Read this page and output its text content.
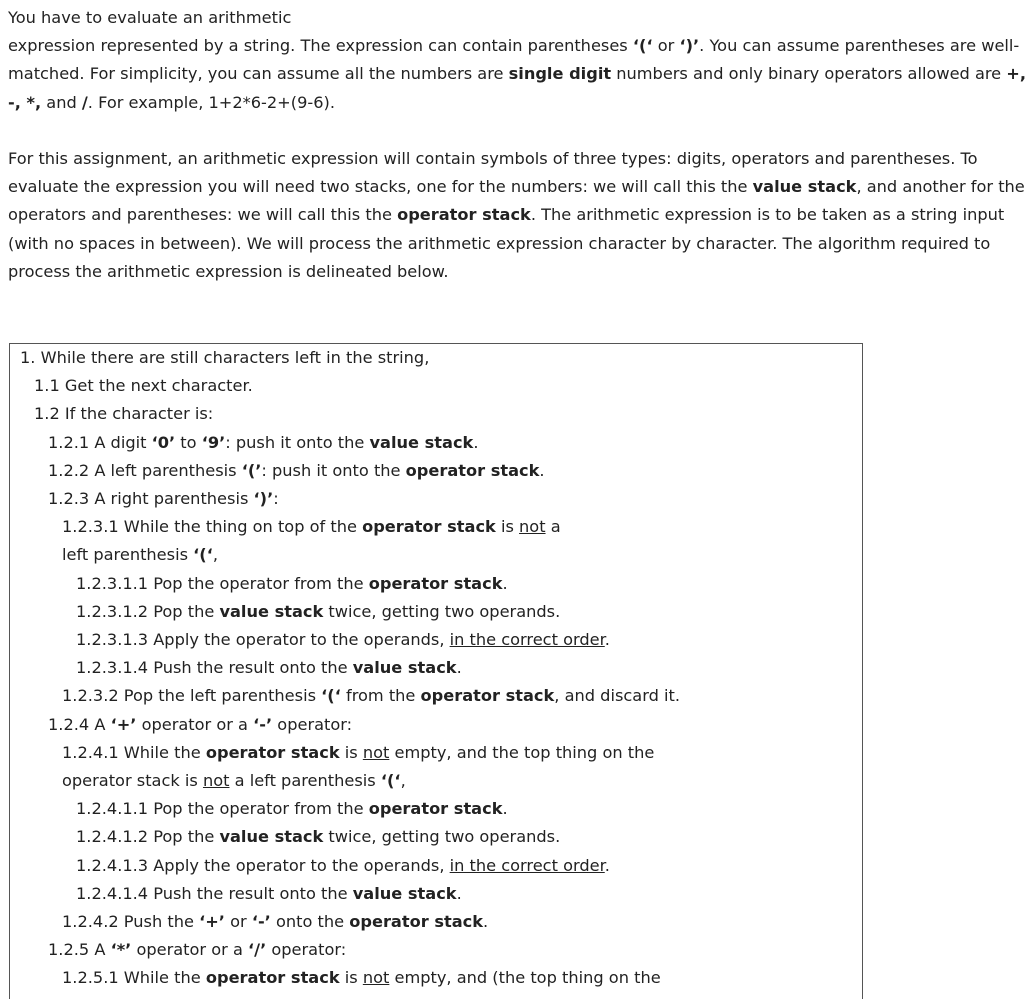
You have to evaluate an arithmetic
expression represented by a string. The expression can contain parentheses ‘(‘ or ‘)’. You can assume parentheses are well-
matched. For simplicity, you can assume all the numbers are single digit numbers and only binary operators allowed are +,
-, *, and /. For example, 1+2*6-2+(9-6).
For this assignment, an arithmetic expression will contain symbols of three types: digits, operators and parentheses. To
evaluate the expression you will need two stacks, one for the numbers: we will call this the value stack, and another for the
operators and parentheses: we will call this the operator stack. The arithmetic expression is to be taken as a string input
(with no spaces in between). We will process the arithmetic expression character by character. The algorithm required to
process the arithmetic expression is delineated below.
1. While there are still characters left in the string,
1.1 Get the next character.
1.2 If the character is:
1.2.1 A digit ‘0’ to ‘9’: push it onto the value stack.
1.2.2 A left parenthesis ‘(’: push it onto the operator stack.
1.2.3 A right parenthesis ‘)’:
1.2.3.1 While the thing on top of the operator stack is not a
left parenthesis ‘(‘,
1.2.3.1.1 Pop the operator from the operator stack.
1.2.3.1.2 Pop the value stack twice, getting two operands.
1.2.3.1.3 Apply the operator to the operands, in the correct order.
1.2.3.1.4 Push the result onto the value stack.
1.2.3.2 Pop the left parenthesis ‘(‘ from the operator stack, and discard it.
1.2.4 A ‘+’ operator or a ‘-’ operator:
1.2.4.1 While the operator stack is not empty, and the top thing on the
operator stack is not a left parenthesis ‘(‘,
1.2.4.1.1 Pop the operator from the operator stack.
1.2.4.1.2 Pop the value stack twice, getting two operands.
1.2.4.1.3 Apply the operator to the operands, in the correct order.
1.2.4.1.4 Push the result onto the value stack.
1.2.4.2 Push the ‘+’ or ‘-’ onto the operator stack.
1.2.5 A ‘*’ operator or a ‘/’ operator:
1.2.5.1 While the operator stack is not empty, and (the top thing on the
